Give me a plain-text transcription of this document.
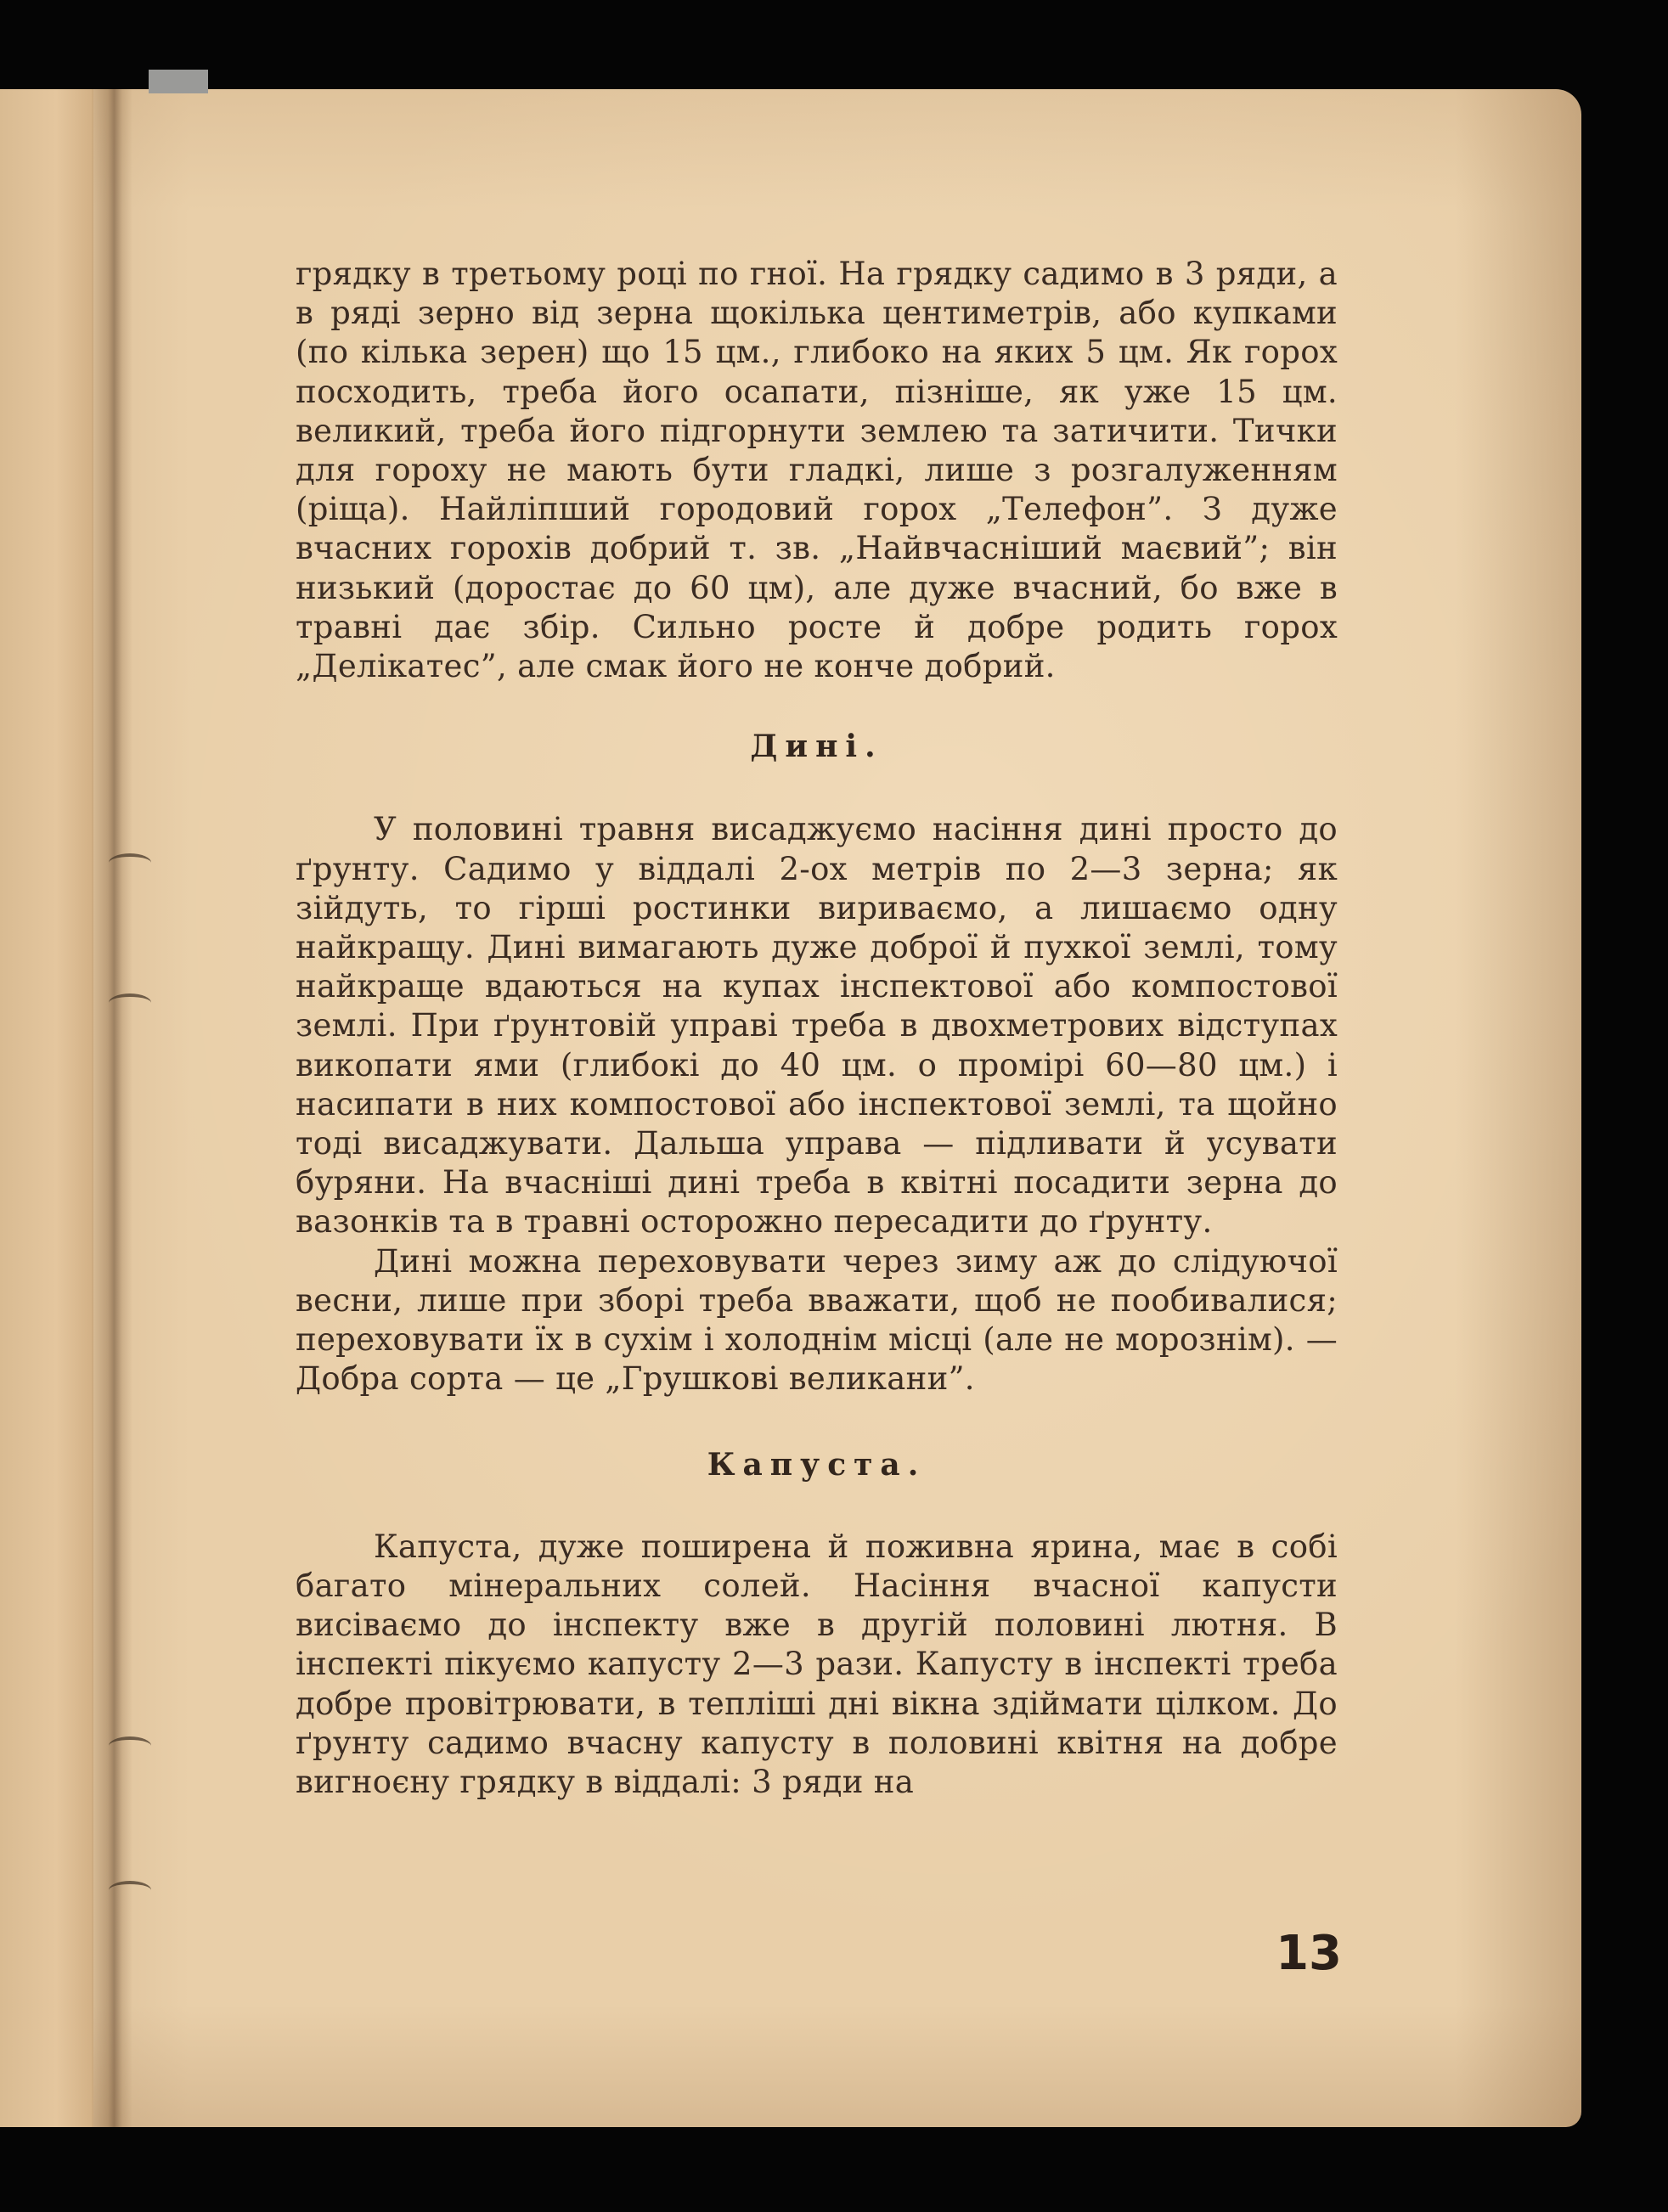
грядку в третьому році по гної. На грядку садимо в 3 ряди, а в ряді зерно від зерна щокілька центиметрів, або купками (по кілька зерен) що 15 цм., глибоко на яких 5 цм. Як горох посходить, треба його осапати, пізніше, як уже 15 цм. великий, треба його підгорнути землею та затичити. Тички для гороху не мають бути гладкі, лише з розгалуженням (ріща). Найліпший городовий горох „Телефон”. З дуже вчасних горохів добрий т. зв. „Найвчасніший маєвий”; він низький (доростає до 60 цм), але дуже вчасний, бо вже в травні дає збір. Сильно росте й добре родить горох „Делікатес”, але смак його не конче добрий.

Дині.

У половині травня висаджуємо насіння дині просто до ґрунту. Садимо у віддалі 2-ох метрів по 2—3 зерна; як зійдуть, то гірші ростинки вириваємо, а лишаємо одну найкращу. Дині вимагають дуже доброї й пухкої землі, тому найкраще вдаються на купах інспектової або компостової землі. При ґрунтовій управі треба в двохметрових відступах викопати ями (глибокі до 40 цм. о промірі 60—80 цм.) і насипати в них компостової або інспектової землі, та щойно тоді висаджувати. Дальша управа — підливати й усувати буряни. На вчасніші дині треба в квітні посадити зерна до вазонків та в травні осторожно пересадити до ґрунту.

Дині можна переховувати через зиму аж до слідуючої весни, лише при зборі треба вважати, щоб не пообивалися; переховувати їх в сухім і холоднім місці (але не морознім). — Добра сорта — це „Грушкові великани”.

Капуста.

Капуста, дуже поширена й поживна ярина, має в собі багато мінеральних солей. Насіння вчасної капусти висіваємо до інспекту вже в другій половині лютня. В інспекті пікуємо капусту 2—3 рази. Капусту в інспекті треба добре провітрювати, в тепліші дні вікна здіймати цілком. До ґрунту садимо вчасну капусту в половині квітня на добре вигноєну грядку в віддалі: 3 ряди на

13
